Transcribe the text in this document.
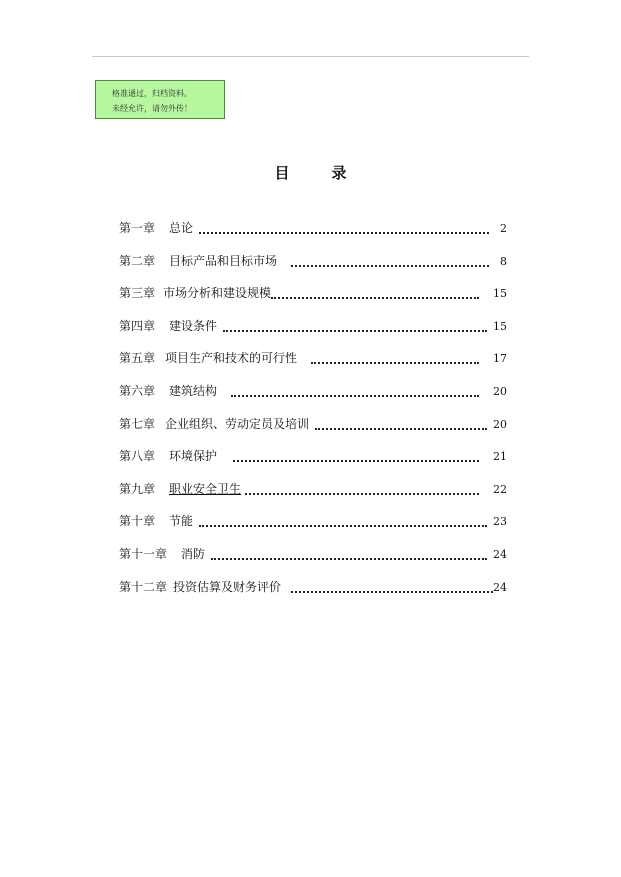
格准通过，归档资料。
未经允许，请勿外传！
目	录
第一章 总论	2
第二章 目标产品和目标市场	8
第三章 市场分析和建设规模	15
第四章 建设条件	15
第五章 项目生产和技术的可行性	17
第六章 建筑结构	20
第七章 企业组织、劳动定员及培训	20
第八章 环境保护	21
第九章 职业安全卫生	22
第十章 节能	23
第十一章 消防	24
第十二章 投资估算及财务评价	24
